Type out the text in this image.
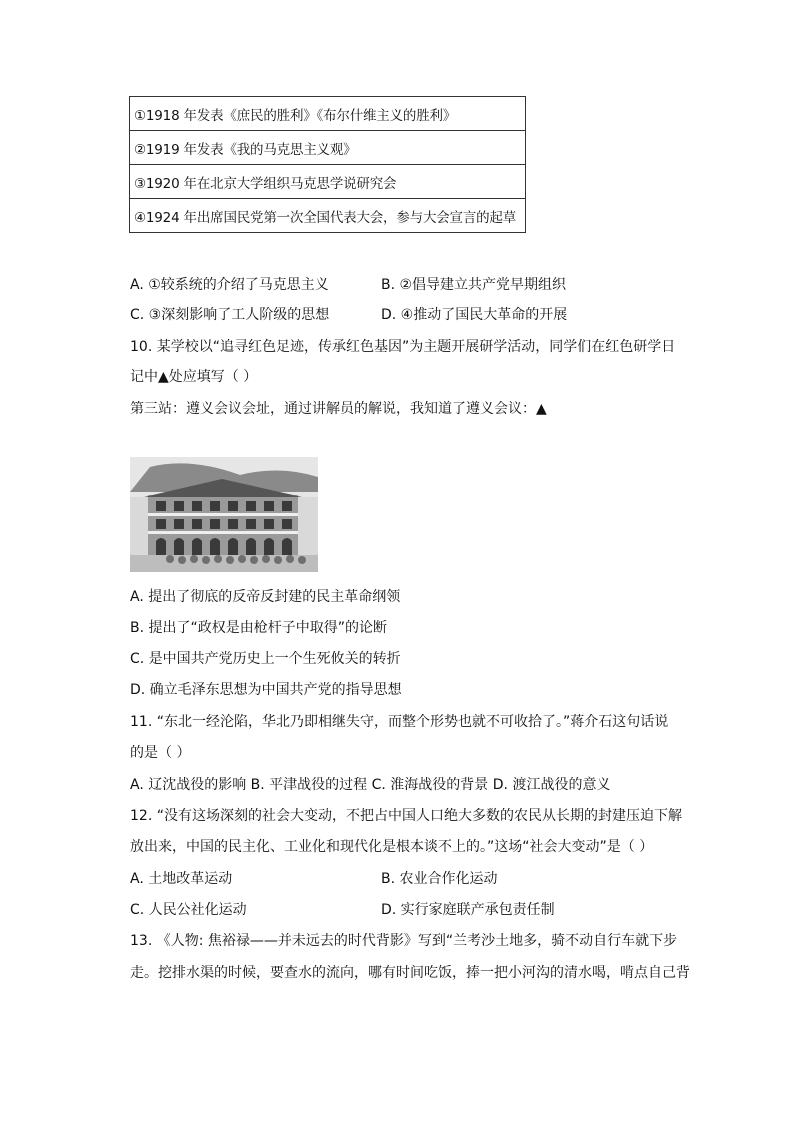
①1918 年发表《庶民的胜利》《布尔什维主义的胜利》
②1919 年发表《我的马克思主义观》
③1920 年在北京大学组织马克思学说研究会
④1924 年出席国民党第一次全国代表大会，参与大会宣言的起草
A. ①较系统的介绍了马克思主义	B. ②倡导建立共产党早期组织
C. ③深刻影响了工人阶级的思想	D. ④推动了国民大革命的开展
10. 某学校以“追寻红色足迹，传承红色基因”为主题开展研学活动，同学们在红色研学日
记中▲处应填写（ ）
第三站：遵义会议会址，通过讲解员的解说，我知道了遵义会议：▲
A. 提出了彻底的反帝反封建的民主革命纲领
B. 提出了“政权是由枪杆子中取得”的论断
C. 是中国共产党历史上一个生死攸关的转折
D. 确立毛泽东思想为中国共产党的指导思想
11. “东北一经沦陷，华北乃即相继失守，而整个形势也就不可收拾了。”蒋介石这句话说
的是（ ）
A. 辽沈战役的影响 B. 平津战役的过程 C. 淮海战役的背景 D. 渡江战役的意义
12. “没有这场深刻的社会大变动，不把占中国人口绝大多数的农民从长期的封建压迫下解
放出来，中国的民主化、工业化和现代化是根本谈不上的。”这场“社会大变动”是（ ）
A. 土地改革运动	B. 农业合作化运动
C. 人民公社化运动	D. 实行家庭联产承包责任制
13. 《人物: 焦裕禄——并未远去的时代背影》写到“兰考沙土地多，骑不动自行车就下步
走。挖排水渠的时候，要查水的流向，哪有时间吃饭，捧一把小河沟的清水喝，啃点自己背
